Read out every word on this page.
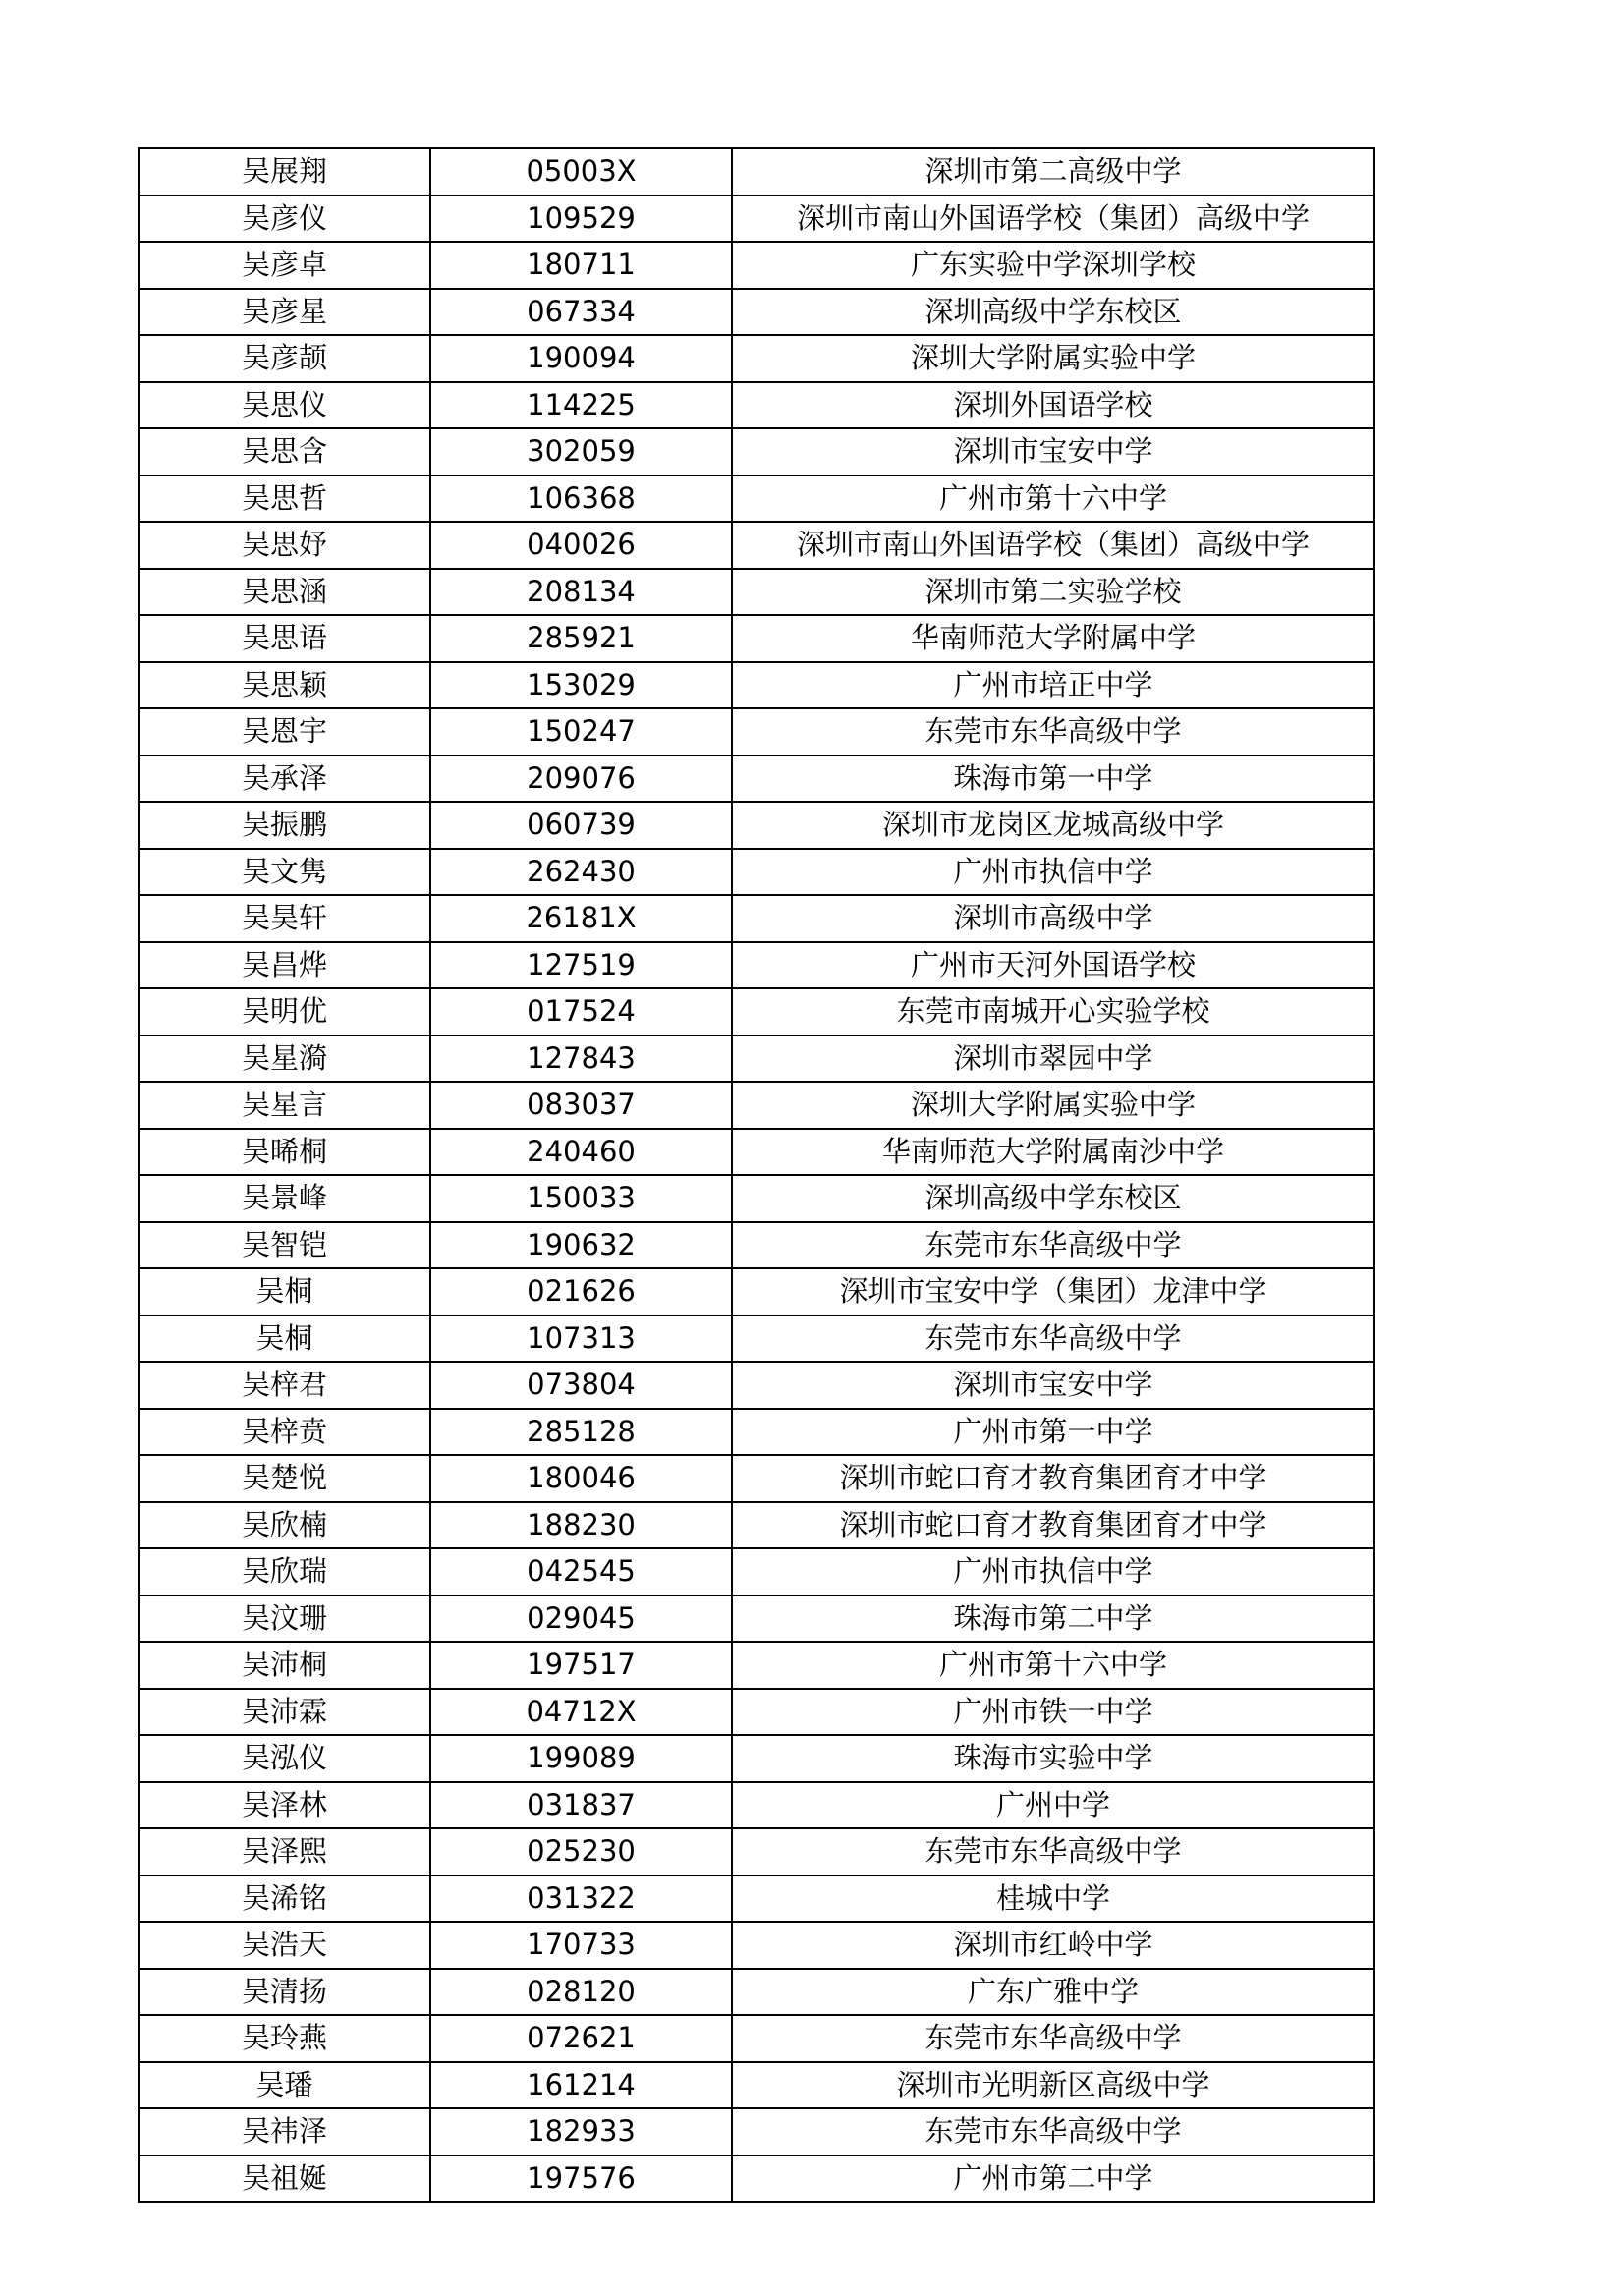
吴展翔	05003X	深圳市第二高级中学
吴彦仪	109529	深圳市南山外国语学校（集团）高级中学
吴彦卓	180711	广东实验中学深圳学校
吴彦星	067334	深圳高级中学东校区
吴彦颉	190094	深圳大学附属实验中学
吴思仪	114225	深圳外国语学校
吴思含	302059	深圳市宝安中学
吴思哲	106368	广州市第十六中学
吴思妤	040026	深圳市南山外国语学校（集团）高级中学
吴思涵	208134	深圳市第二实验学校
吴思语	285921	华南师范大学附属中学
吴思颖	153029	广州市培正中学
吴恩宇	150247	东莞市东华高级中学
吴承泽	209076	珠海市第一中学
吴振鹏	060739	深圳市龙岗区龙城高级中学
吴文隽	262430	广州市执信中学
吴昊轩	26181X	深圳市高级中学
吴昌烨	127519	广州市天河外国语学校
吴明优	017524	东莞市南城开心实验学校
吴星漪	127843	深圳市翠园中学
吴星言	083037	深圳大学附属实验中学
吴晞桐	240460	华南师范大学附属南沙中学
吴景峰	150033	深圳高级中学东校区
吴智铠	190632	东莞市东华高级中学
吴桐	021626	深圳市宝安中学（集团）龙津中学
吴桐	107313	东莞市东华高级中学
吴梓君	073804	深圳市宝安中学
吴梓贲	285128	广州市第一中学
吴楚悦	180046	深圳市蛇口育才教育集团育才中学
吴欣楠	188230	深圳市蛇口育才教育集团育才中学
吴欣瑞	042545	广州市执信中学
吴汶珊	029045	珠海市第二中学
吴沛桐	197517	广州市第十六中学
吴沛霖	04712X	广州市铁一中学
吴泓仪	199089	珠海市实验中学
吴泽林	031837	广州中学
吴泽熙	025230	东莞市东华高级中学
吴浠铭	031322	桂城中学
吴浩天	170733	深圳市红岭中学
吴清扬	028120	广东广雅中学
吴玲燕	072621	东莞市东华高级中学
吴璠	161214	深圳市光明新区高级中学
吴祎泽	182933	东莞市东华高级中学
吴祖娫	197576	广州市第二中学
